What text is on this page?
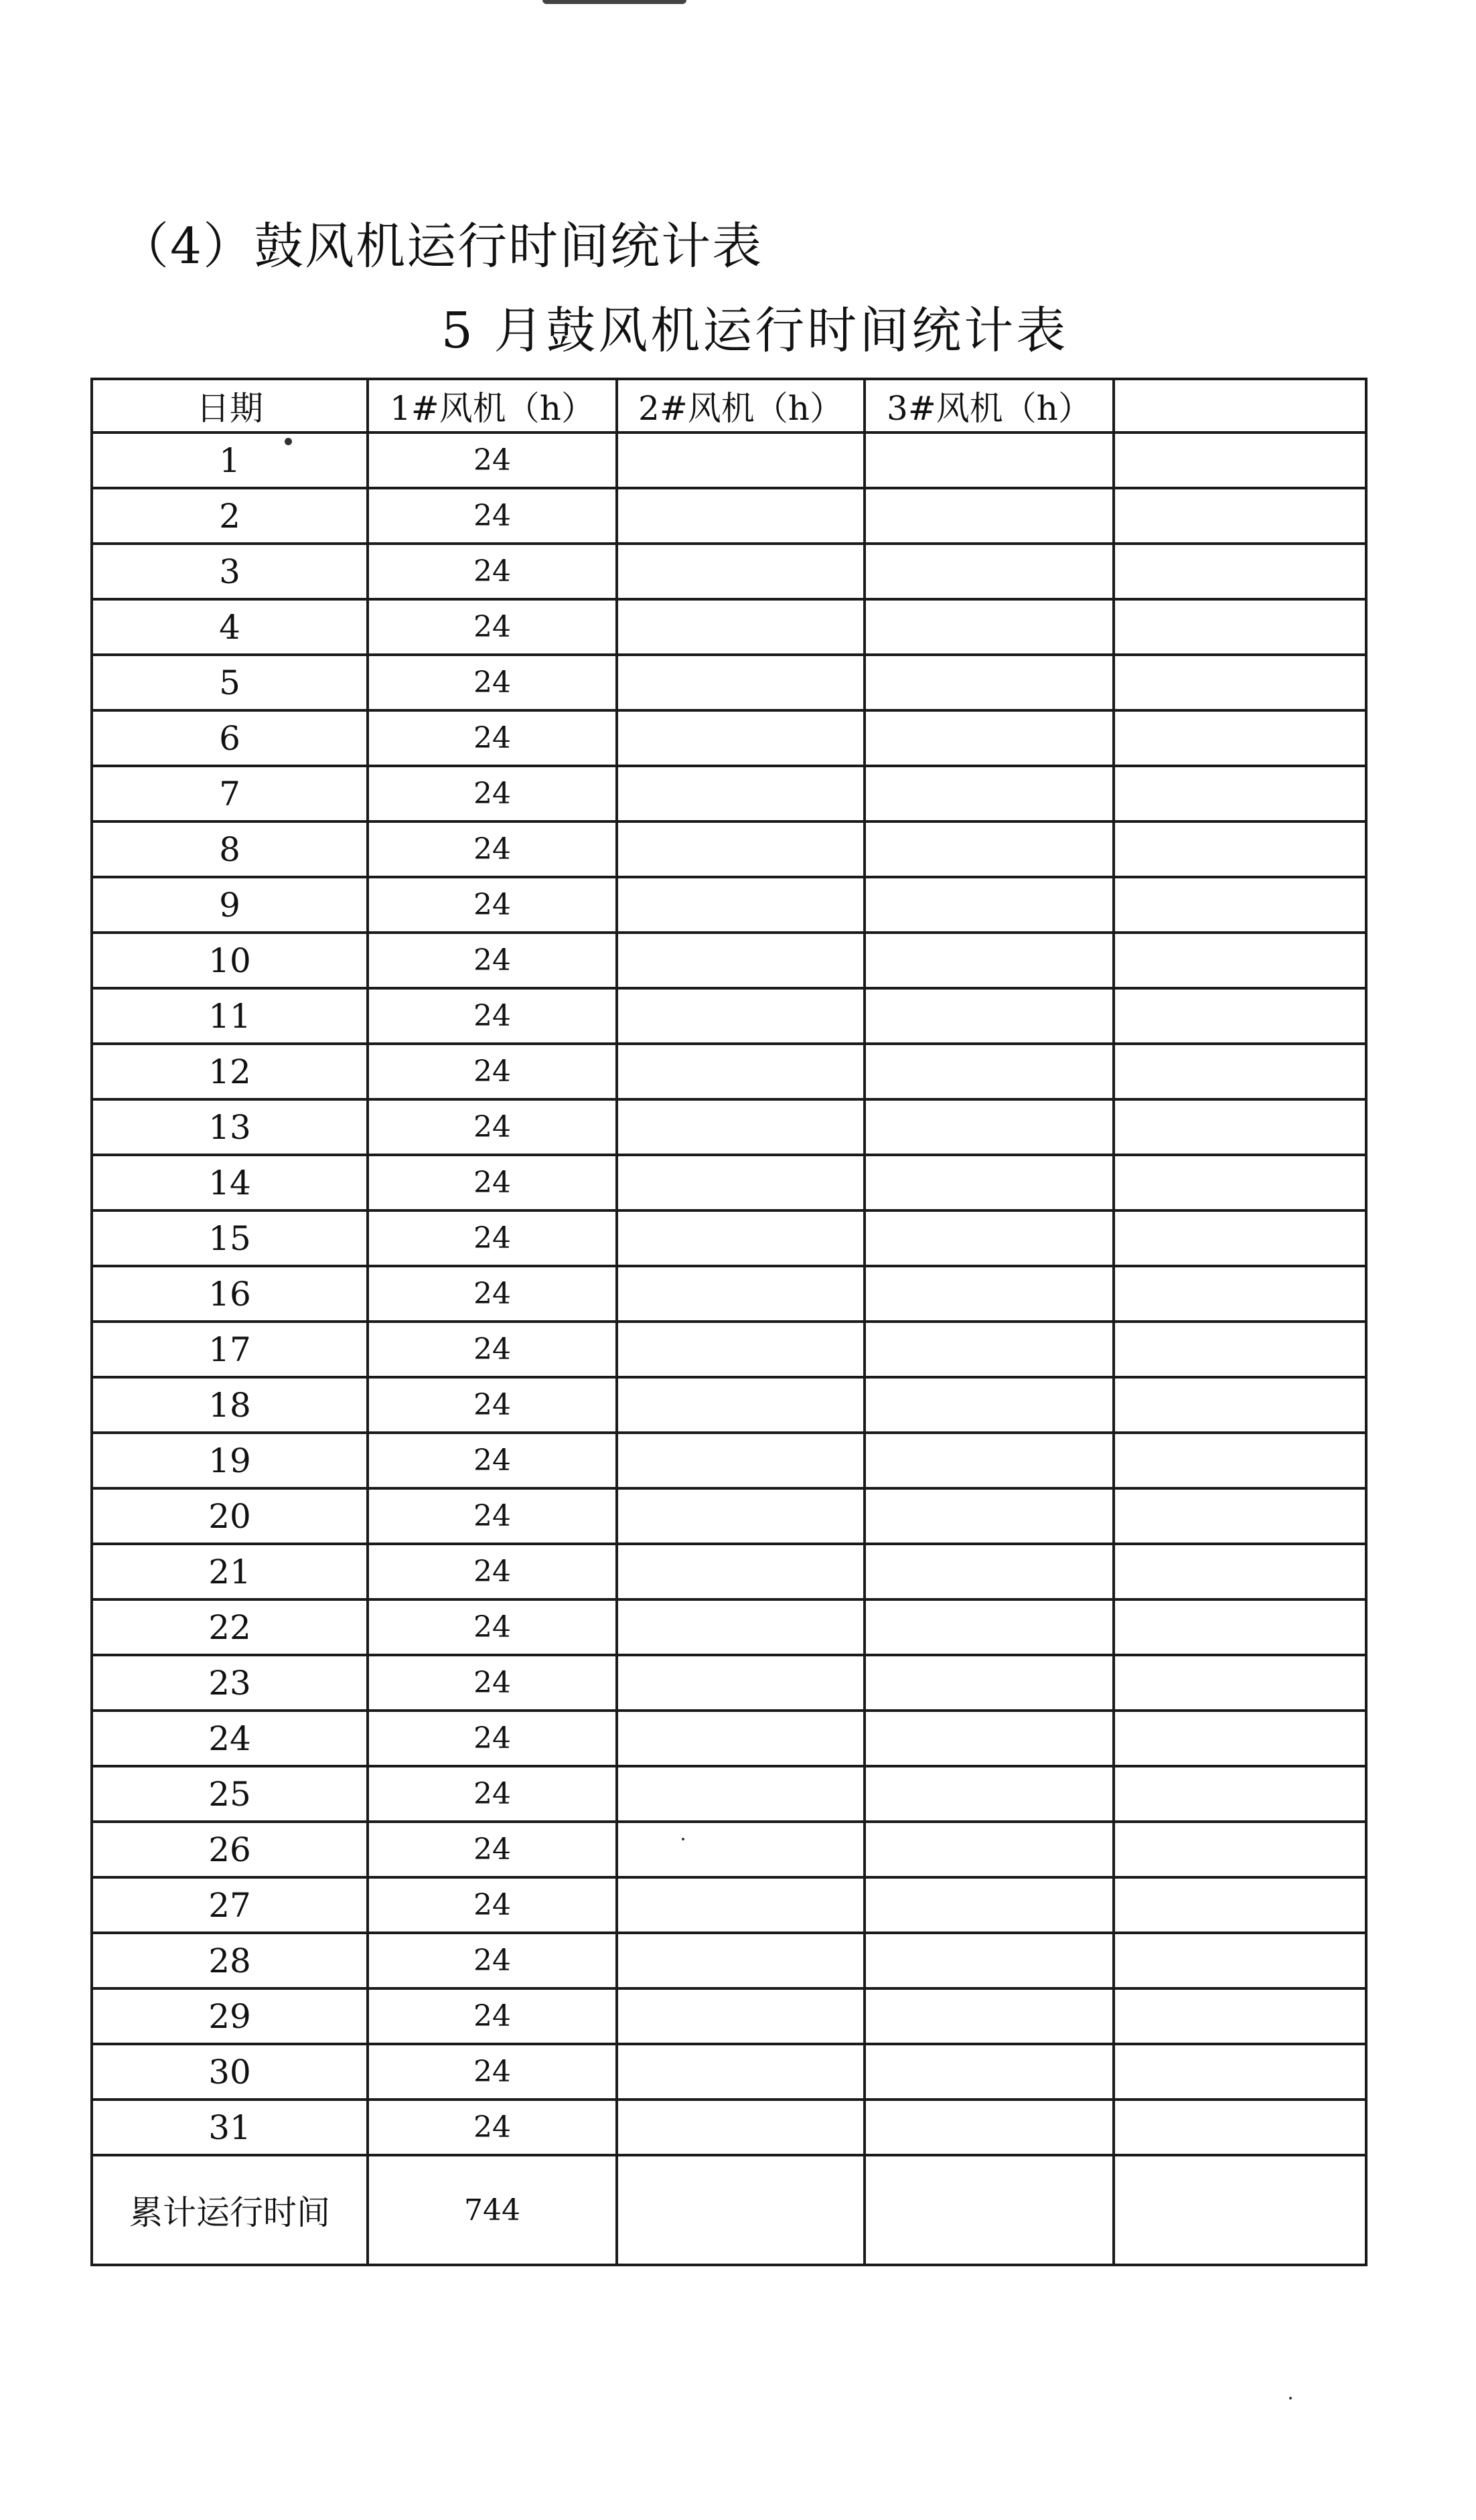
（4）鼓风机运行时间统计表
5 月鼓风机运行时间统计表
日期	1#风机（h）	2#风机（h）	3#风机（h）	
1	24			
2	24			
3	24			
4	24			
5	24			
6	24			
7	24			
8	24			
9	24			
10	24			
11	24			
12	24			
13	24			
14	24			
15	24			
16	24			
17	24			
18	24			
19	24			
20	24			
21	24			
22	24			
23	24			
24	24			
25	24			
26	24			
27	24			
28	24			
29	24			
30	24			
31	24			
累计运行时间	744			
